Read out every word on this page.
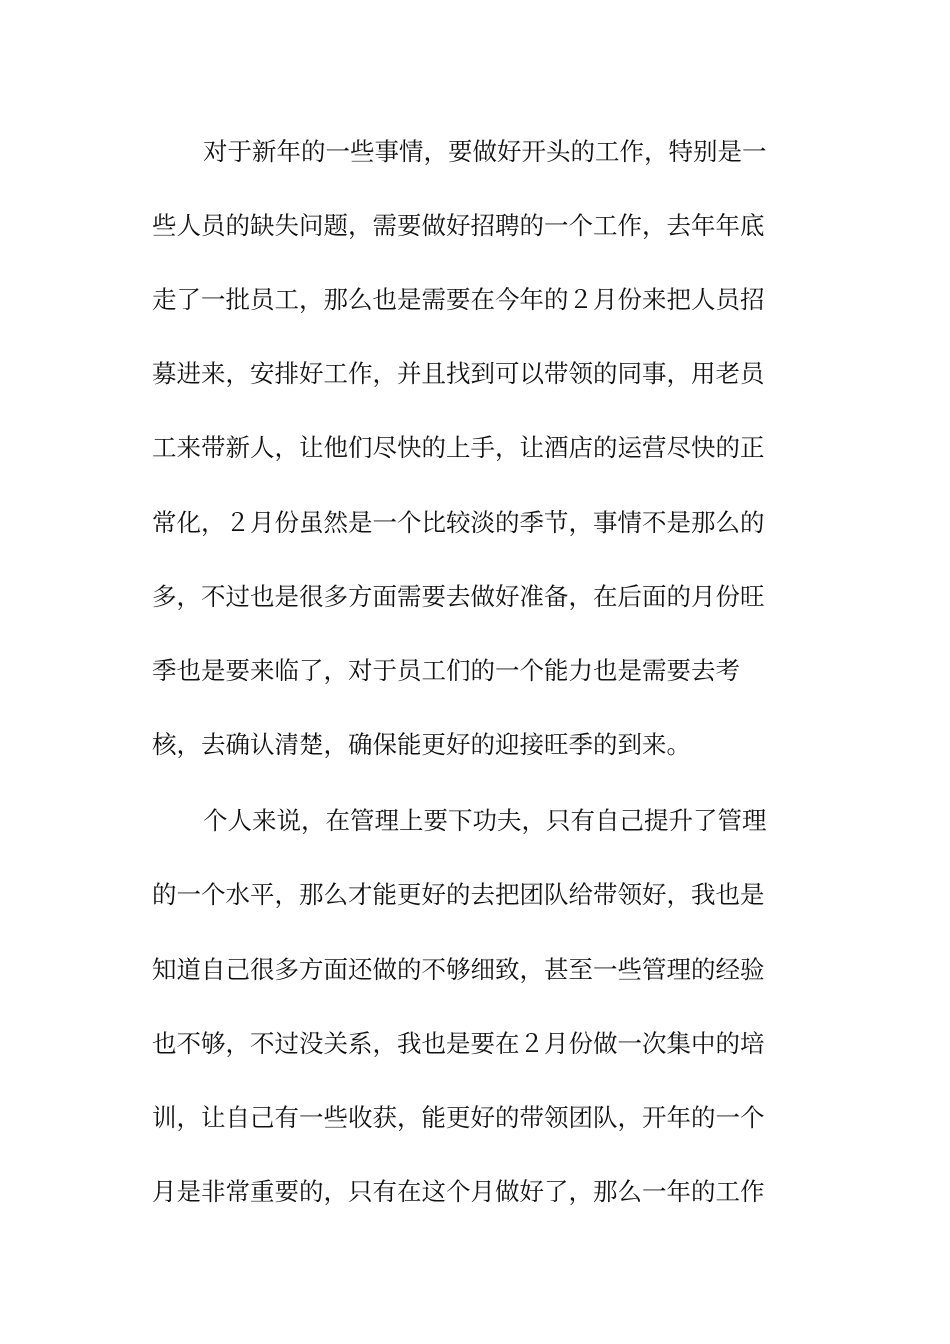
对于新年的一些事情，要做好开头的工作，特别是一
些人员的缺失问题，需要做好招聘的一个工作，去年年底
走了一批员工，那么也是需要在今年的２月份来把人员招
募进来，安排好工作，并且找到可以带领的同事，用老员
工来带新人，让他们尽快的上手，让酒店的运营尽快的正
常化，２月份虽然是一个比较淡的季节，事情不是那么的
多，不过也是很多方面需要去做好准备，在后面的月份旺
季也是要来临了，对于员工们的一个能力也是需要去考
核，去确认清楚，确保能更好的迎接旺季的到来。
个人来说，在管理上要下功夫，只有自己提升了管理
的一个水平，那么才能更好的去把团队给带领好，我也是
知道自己很多方面还做的不够细致，甚至一些管理的经验
也不够，不过没关系，我也是要在２月份做一次集中的培
训，让自己有一些收获，能更好的带领团队，开年的一个
月是非常重要的，只有在这个月做好了，那么一年的工作
